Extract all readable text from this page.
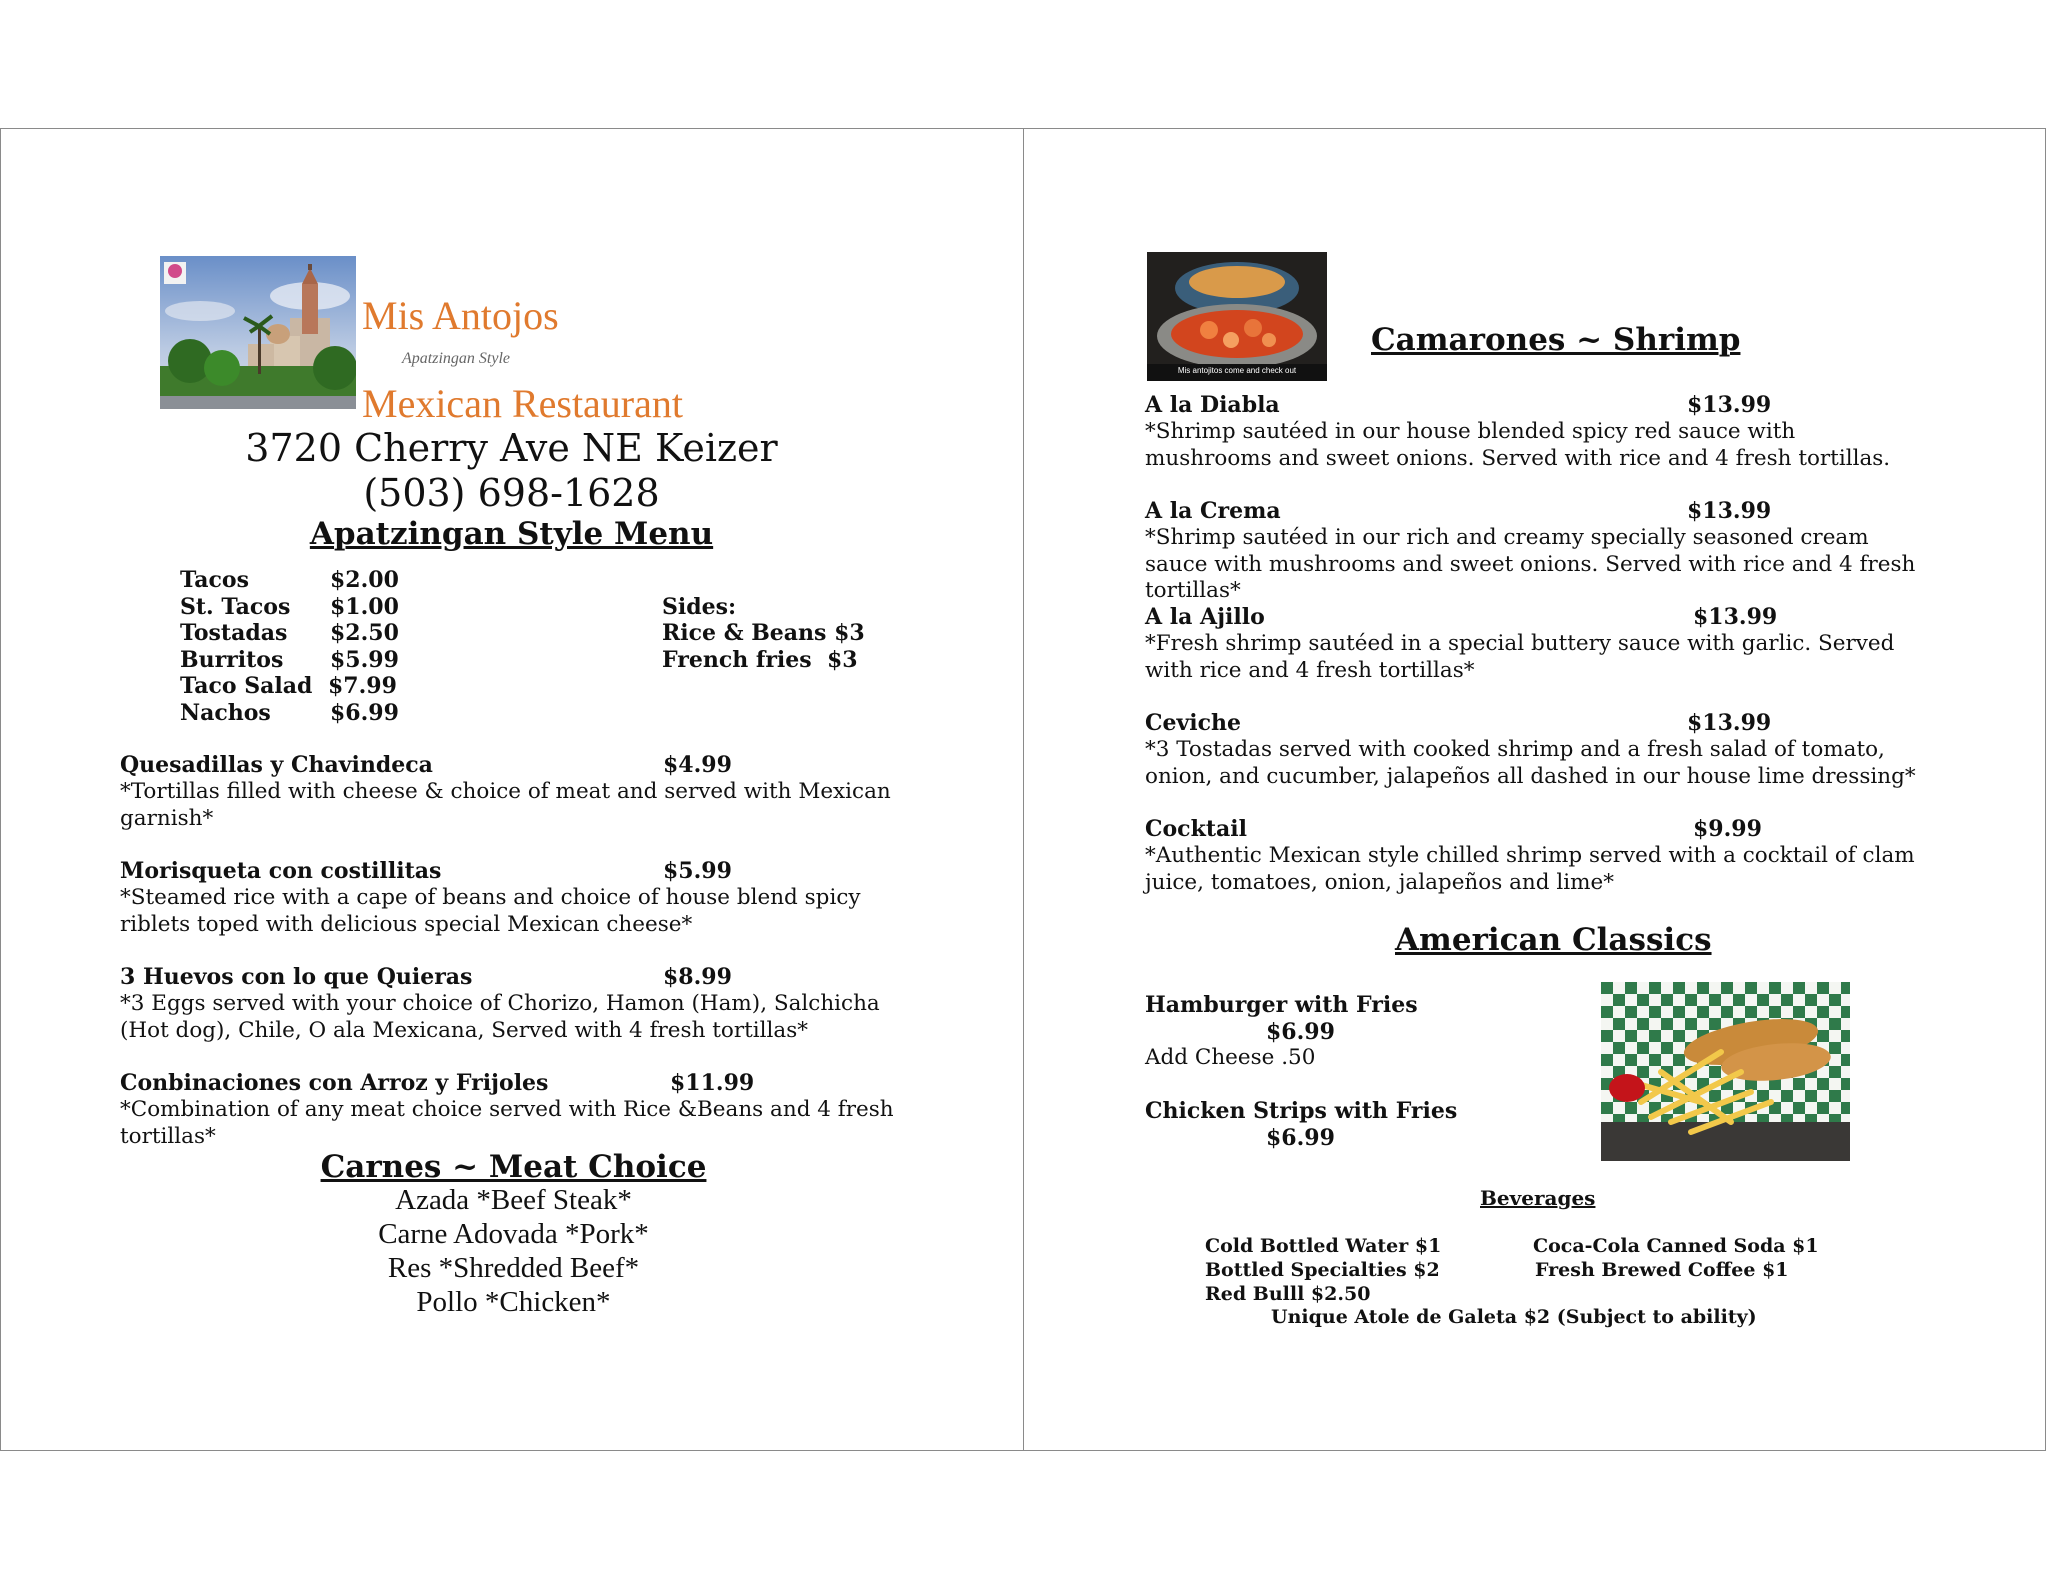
Mis Antojos
Apatzingan Style
Mexican Restaurant
3720 Cherry Ave NE Keizer
(503) 698-1628
Apatzingan Style Menu
Tacos	$2.00
St. Tacos $1.00
Tostadas $2.50
Burritos $5.99
Taco Salad $7.99
Nachos	$6.99
Sides:
Rice & Beans $3
French fries  $3
Quesadillas y Chavindeca	$4.99
*Tortillas filled with cheese & choice of meat and served with Mexican garnish*
Morisqueta con costillitas	$5.99
*Steamed rice with a cape of beans and choice of house blend spicy riblets toped with delicious special Mexican cheese*
3 Huevos con lo que Quieras	$8.99
*3 Eggs served with your choice of Chorizo, Hamon (Ham), Salchicha (Hot dog), Chile, O ala Mexicana, Served with 4 fresh tortillas*
Conbinaciones con Arroz y Frijoles	$11.99
*Combination of any meat choice served with Rice &Beans and 4 fresh tortillas*
Carnes ~ Meat Choice
Azada *Beef Steak*
Carne Adovada *Pork*
Res *Shredded Beef*
Pollo *Chicken*
Mis antojitos come and check out
Camarones ~ Shrimp
A la Diabla	$13.99
*Shrimp sautéed in our house blended spicy red sauce with mushrooms and sweet onions. Served with rice and 4 fresh tortillas.
A la Crema	$13.99
*Shrimp sautéed in our rich and creamy specially seasoned cream sauce with mushrooms and sweet onions. Served with rice and 4 fresh tortillas*
A la Ajillo	$13.99
*Fresh shrimp sautéed in a special buttery sauce with garlic. Served with rice and 4 fresh tortillas*
Ceviche	$13.99
*3 Tostadas served with cooked shrimp and a fresh salad of tomato, onion, and cucumber, jalapeños all dashed in our house lime dressing*
Cocktail	$9.99
*Authentic Mexican style chilled shrimp served with a cocktail of clam juice, tomatoes, onion, jalapeños and lime*
American Classics
Hamburger with Fries
$6.99
Add Cheese .50
Chicken Strips with Fries
$6.99
Beverages
Cold Bottled Water $1	Coca-Cola Canned Soda $1
Bottled Specialties $2	Fresh Brewed Coffee $1
Red Bulll $2.50
Unique Atole de Galeta $2 (Subject to ability)
